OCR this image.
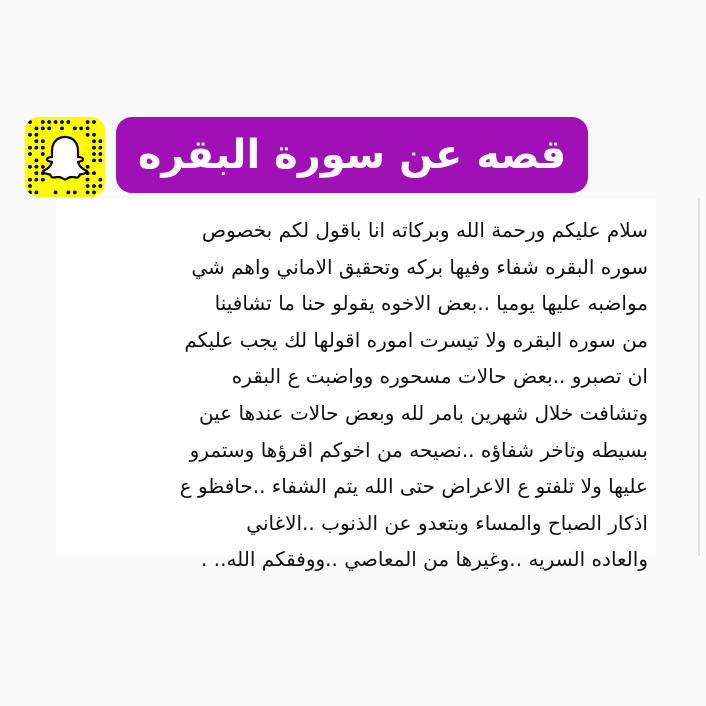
قصه عن سورة البقره
سلام عليكم ورحمة الله وبركاته انا باقول لكم بخصوص
سوره البقره شفاء وفيها بركه وتحقيق الاماني واهم شي
مواضبه عليها يوميا ..بعض الاخوه يقولو حنا ما تشافينا
من سوره البقره ولا تيسرت اموره اقولها لك يجب عليكم
ان تصبرو ..بعض حالات مسحوره وواضبت ع البقره
وتشافت خلال شهرين بامر لله وبعض حالات عندها عين
بسيطه وتاخر شفاؤه ..نصيحه من اخوكم اقرؤها وستمرو
عليها ولا تلفتو ع الاعراض حتى الله يتم الشفاء ..حافظو ع
اذكار الصباح والمساء وبتعدو عن الذنوب ..الاغاني
والعاده السريه ..وغيرها من المعاصي ..ووفقكم الله.. .
